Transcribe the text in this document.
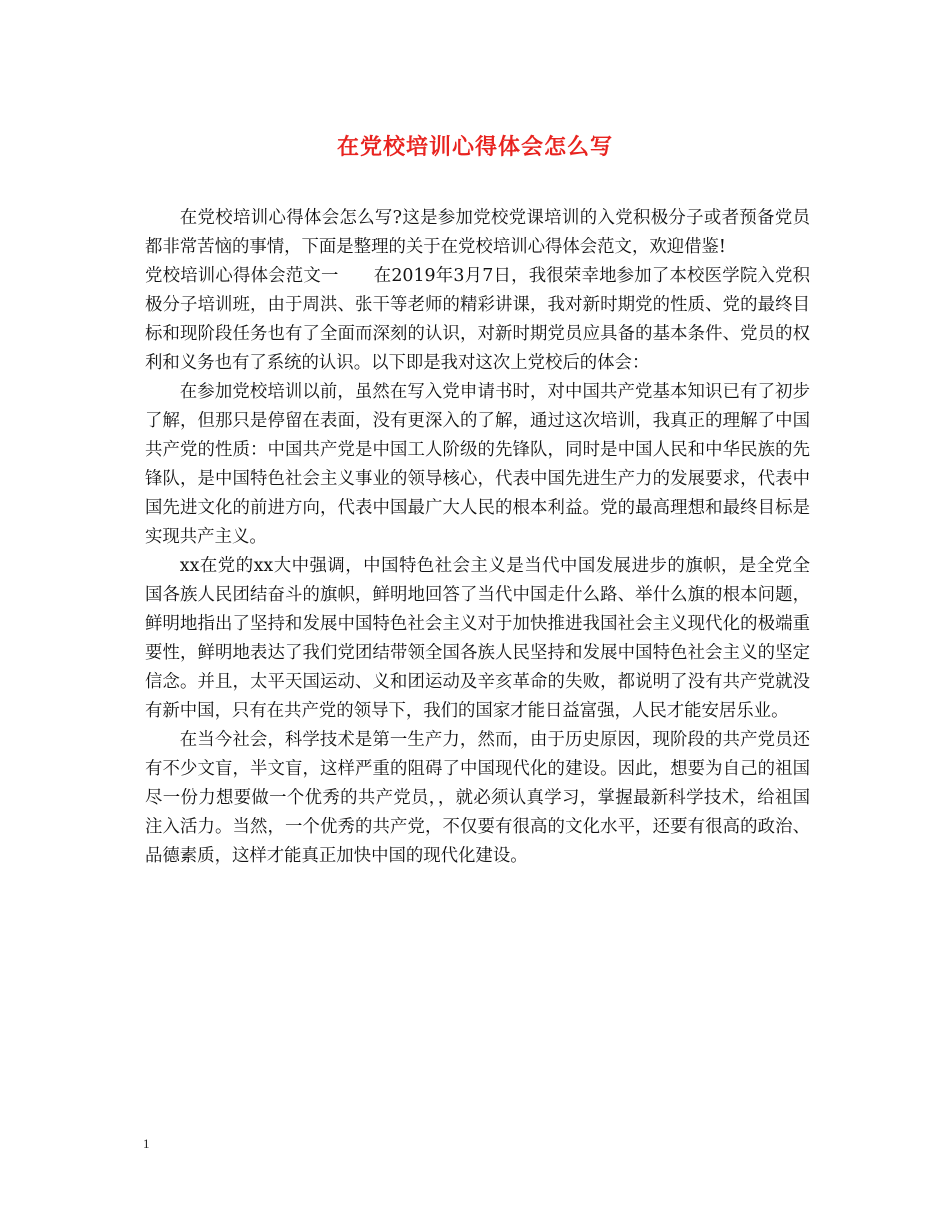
在党校培训心得体会怎么写

在党校培训心得体会怎么写?这是参加党校党课培训的入党积极分子或者预备党员都非常苦恼的事情，下面是整理的关于在党校培训心得体会范文，欢迎借鉴!

党校培训心得体会范文一　　在2019年3月7日，我很荣幸地参加了本校医学院入党积极分子培训班，由于周洪、张干等老师的精彩讲课，我对新时期党的性质、党的最终目标和现阶段任务也有了全面而深刻的认识，对新时期党员应具备的基本条件、党员的权利和义务也有了系统的认识。以下即是我对这次上党校后的体会：

在参加党校培训以前，虽然在写入党申请书时，对中国共产党基本知识已有了初步了解，但那只是停留在表面，没有更深入的了解，通过这次培训，我真正的理解了中国共产党的性质：中国共产党是中国工人阶级的先锋队，同时是中国人民和中华民族的先锋队，是中国特色社会主义事业的领导核心，代表中国先进生产力的发展要求，代表中国先进文化的前进方向，代表中国最广大人民的根本利益。党的最高理想和最终目标是实现共产主义。

xx在党的xx大中强调，中国特色社会主义是当代中国发展进步的旗帜，是全党全国各族人民团结奋斗的旗帜，鲜明地回答了当代中国走什么路、举什么旗的根本问题，鲜明地指出了坚持和发展中国特色社会主义对于加快推进我国社会主义现代化的极端重要性，鲜明地表达了我们党团结带领全国各族人民坚持和发展中国特色社会主义的坚定信念。并且，太平天国运动、义和团运动及辛亥革命的失败，都说明了没有共产党就没有新中国，只有在共产党的领导下，我们的国家才能日益富强，人民才能安居乐业。

在当今社会，科学技术是第一生产力，然而，由于历史原因，现阶段的共产党员还有不少文盲，半文盲，这样严重的阻碍了中国现代化的建设。因此，想要为自己的祖国尽一份力想要做一个优秀的共产党员，，就必须认真学习，掌握最新科学技术，给祖国注入活力。当然，一个优秀的共产党，不仅要有很高的文化水平，还要有很高的政治、品德素质，这样才能真正加快中国的现代化建设。

1
